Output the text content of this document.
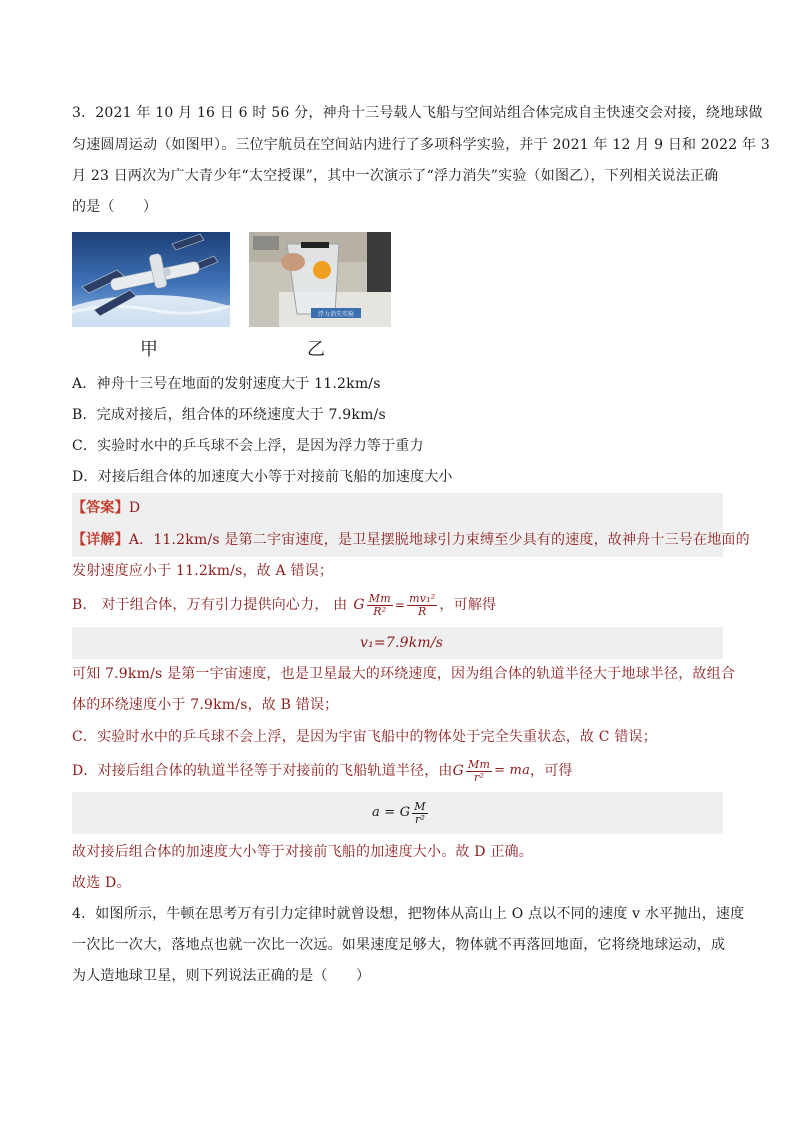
3．2021 年 10 月 16 日 6 时 56 分，神舟十三号载人飞船与空间站组合体完成自主快速交会对接，绕地球做
匀速圆周运动（如图甲）。三位宇航员在空间站内进行了多项科学实验，并于 2021 年 12 月 9 日和 2022 年 3
月 23 日两次为广大青少年“太空授课”，其中一次演示了“浮力消失”实验（如图乙），下列相关说法正确
的是（　　）
甲
浮力消失实验
乙
A．神舟十三号在地面的发射速度大于 11.2km/s
B．完成对接后，组合体的环绕速度大于 7.9km/s
C．实验时水中的乒乓球不会上浮，是因为浮力等于重力
D．对接后组合体的加速度大小等于对接前飞船的加速度大小
【答案】D
【详解】A．11.2km/s 是第二宇宙速度，是卫星摆脱地球引力束缚至少具有的速度，故神舟十三号在地面的
发射速度应小于 11.2km/s，故 A 错误；
B． 对于组合体，万有引力提供向心力， 由 G $\frac{Mm}{\text{R²}} = \frac{\text{mv₁²}}{R}$ ，可解得
v₁=7.9km/s
可知 7.9km/s 是第一宇宙速度，也是卫星最大的环绕速度，因为组合体的轨道半径大于地球半径，故组合
体的环绕速度小于 7.9km/s，故 B 错误；
C．实验时水中的乒乓球不会上浮，是因为宇宙飞船中的物体处于完全失重状态，故 C 错误；
D．对接后组合体的轨道半径等于对接前的飞船轨道半径，由 G $\frac{Mm}{\text{r²}}$ = ma ，可得
a = G $\frac{M}{\text{r²}}$
故对接后组合体的加速度大小等于对接前飞船的加速度大小。故 D 正确。
故选 D。
4．如图所示，牛顿在思考万有引力定律时就曾设想，把物体从高山上 O 点以不同的速度 v 水平抛出，速度
一次比一次大，落地点也就一次比一次远。如果速度足够大，物体就不再落回地面，它将绕地球运动，成
为人造地球卫星，则下列说法正确的是（　　）
